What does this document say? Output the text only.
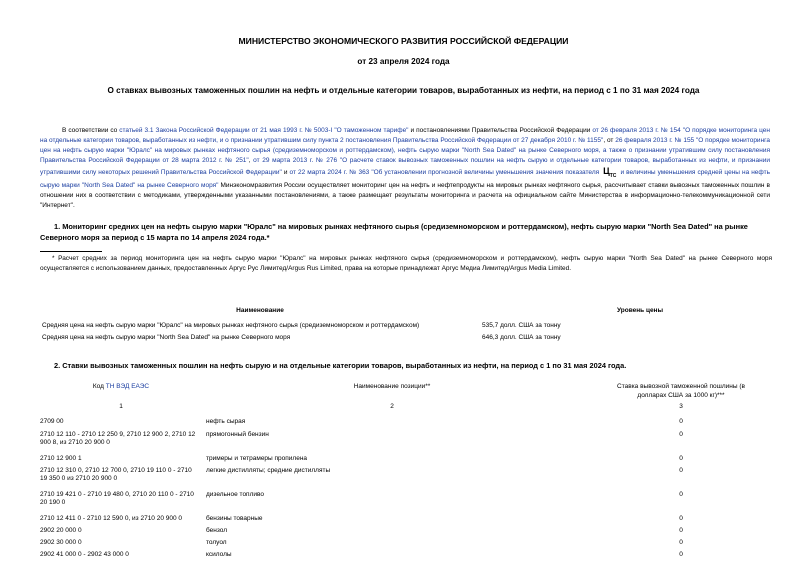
МИНИСТЕРСТВО ЭКОНОМИЧЕСКОГО РАЗВИТИЯ РОССИЙСКОЙ ФЕДЕРАЦИИ
от 23 апреля 2024 года
О ставках вывозных таможенных пошлин на нефть и отдельные категории товаров, выработанных из нефти, на период с 1 по 31 мая 2024 года
В соответствии со статьей 3.1 Закона Российской Федерации от 21 мая 1993 г. № 5003-I "О таможенном тарифе" и постановлениями Правительства Российской Федерации от 26 февраля 2013 г. № 154 "О порядке мониторинга цен на отдельные категории товаров, выработанных из нефти, и о признании утратившим силу пункта 2 постановления Правительства Российской Федерации от 27 декабря 2010 г. № 1155", от 26 февраля 2013 г. № 155 "О порядке мониторинга цен на нефть сырую марки "Юралс" на мировых рынках нефтяного сырья (средиземноморском и роттердамском), нефть сырую марки "North Sea Dated" на рынке Северного моря, а также о признании утратившим силу постановления Правительства Российской Федерации от 28 марта 2012 г. № 251", от 29 марта 2013 г. № 276 "О расчете ставок вывозных таможенных пошлин на нефть сырую и отдельные категории товаров, выработанных из нефти, и признании утратившими силу некоторых решений Правительства Российской Федерации" и от 22 марта 2024 г. № 363 "Об установлении прогнозной величины уменьшения значения показателя $Ц_{ТС}$ и величины уменьшения средней цены на нефть сырую марки "North Sea Dated" на рынке Северного моря" Минэкономразвития России осуществляет мониторинг цен на нефть и нефтепродукты на мировых рынках нефтяного сырья, рассчитывает ставки вывозных таможенных пошлин в отношении них в соответствии с методиками, утвержденными указанными постановлениями, а также размещает результаты мониторинга и расчета на официальном сайте Министерства в информационно-телекоммуникационной сети "Интернет".
1. Мониторинг средних цен на нефть сырую марки "Юралс" на мировых рынках нефтяного сырья (средиземноморском и роттердамском), нефть сырую марки "North Sea Dated" на рынке Северного моря за период с 15 марта по 14 апреля 2024 года.*
* Расчет средних за период мониторинга цен на нефть сырую марки "Юралс" на мировых рынках нефтяного сырья (средиземноморском и роттердамском), нефть сырую марки "North Sea Dated" на рынке Северного моря осуществляется с использованием данных, предоставленных Аргус Рус Лимитед/Argus Rus Limited, права на которые принадлежат Аргус Медиа Лимитед/Argus Media Limited.
Наименование	Уровень цены
Средняя цена на нефть сырую марки "Юралс" на мировых рынках нефтяного сырья (средиземноморском и роттердамском)	535,7 долл. США за тонну
Средняя цена на нефть сырую марки "North Sea Dated" на рынке Северного моря	646,3 долл. США за тонну
2. Ставки вывозных таможенных пошлин на нефть сырую и на отдельные категории товаров, выработанных из нефти, на период с 1 по 31 мая 2024 года.
Код ТН ВЭД ЕАЭС	Наименование позиции**	Ставка вывозной таможенной пошлины (в долларах США за 1000 кг)***
1	2	3
2709 00	нефть сырая	0
2710 12 110 - 2710 12 250 9, 2710 12 900 2, 2710 12 900 8, из 2710 20 900 0	прямогонный бензин	0
2710 12 900 1	тримеры и тетрамеры пропилена	0
2710 12 310 0, 2710 12 700 0, 2710 19 110 0 - 2710 19 350 0 из 2710 20 900 0	легкие дистилляты; средние дистилляты	0
2710 19 421 0 - 2710 19 480 0, 2710 20 110 0 - 2710 20 190 0	дизельное топливо	0
2710 12 411 0 - 2710 12 590 0, из 2710 20 900 0	бензины товарные	0
2902 20 000 0	бензол	0
2902 30 000 0	толуол	0
2902 41 000 0 - 2902 43 000 0	ксилолы	0
